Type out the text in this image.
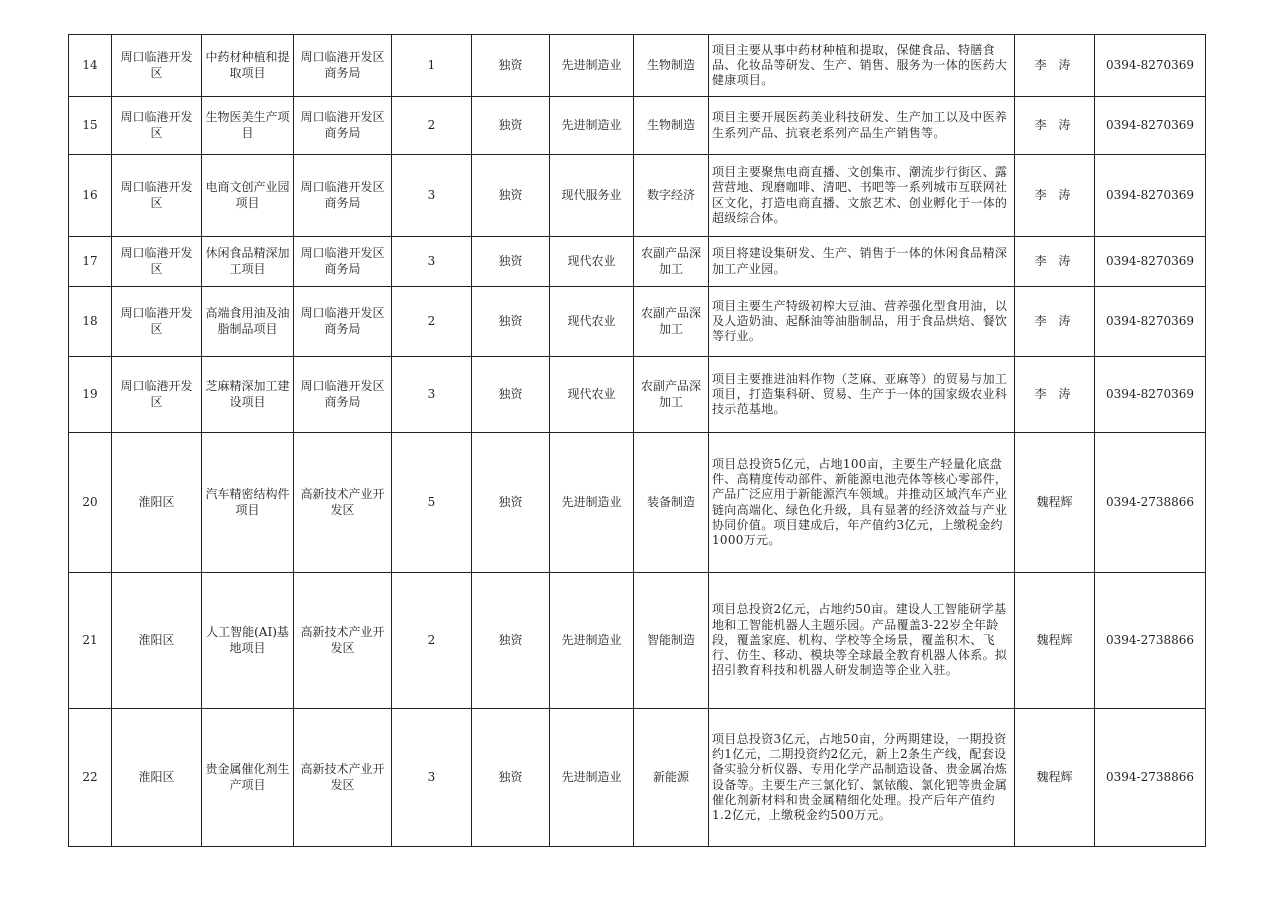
14	周口临港开发区	中药材种植和提取项目	周口临港开发区商务局	1	独资	先进制造业	生物制造	项目主要从事中药材种植和提取，保健食品、特膳食品、化妆品等研发、生产、销售、服务为一体的医药大健康项目。	李 涛	0394-8270369
15	周口临港开发区	生物医美生产项目	周口临港开发区商务局	2	独资	先进制造业	生物制造	项目主要开展医药美业科技研发、生产加工以及中医养生系列产品、抗衰老系列产品生产销售等。	李 涛	0394-8270369
16	周口临港开发区	电商文创产业园项目	周口临港开发区商务局	3	独资	现代服务业	数字经济	项目主要聚焦电商直播、文创集市、潮流步行街区、露营营地、现磨咖啡、清吧、书吧等一系列城市互联网社区文化，打造电商直播、文旅艺术、创业孵化于一体的超级综合体。	李 涛	0394-8270369
17	周口临港开发区	休闲食品精深加工项目	周口临港开发区商务局	3	独资	现代农业	农副产品深加工	项目将建设集研发、生产、销售于一体的休闲食品精深加工产业园。	李 涛	0394-8270369
18	周口临港开发区	高端食用油及油脂制品项目	周口临港开发区商务局	2	独资	现代农业	农副产品深加工	项目主要生产特级初榨大豆油、营养强化型食用油，以及人造奶油、起酥油等油脂制品，用于食品烘焙、餐饮等行业。	李 涛	0394-8270369
19	周口临港开发区	芝麻精深加工建设项目	周口临港开发区商务局	3	独资	现代农业	农副产品深加工	项目主要推进油料作物（芝麻、亚麻等）的贸易与加工项目，打造集科研、贸易、生产于一体的国家级农业科技示范基地。	李 涛	0394-8270369
20	淮阳区	汽车精密结构件项目	高新技术产业开发区	5	独资	先进制造业	装备制造	项目总投资5亿元，占地100亩，主要生产轻量化底盘件、高精度传动部件、新能源电池壳体等核心零部件，产品广泛应用于新能源汽车领域。并推动区域汽车产业链向高端化、绿色化升级，具有显著的经济效益与产业协同价值。项目建成后，年产值约3亿元，上缴税金约1000万元。	魏程辉	0394-2738866
21	淮阳区	人工智能(AI)基地项目	高新技术产业开发区	2	独资	先进制造业	智能制造	项目总投资2亿元，占地约50亩。建设人工智能研学基地和工智能机器人主题乐园。产品覆盖3-22岁全年龄段，覆盖家庭、机构、学校等全场景，覆盖积木、飞行、仿生、移动、模块等全球最全教育机器人体系。拟招引教育科技和机器人研发制造等企业入驻。	魏程辉	0394-2738866
22	淮阳区	贵金属催化剂生产项目	高新技术产业开发区	3	独资	先进制造业	新能源	项目总投资3亿元，占地50亩，分两期建设，一期投资约1亿元，二期投资约2亿元，新上2条生产线，配套设备实验分析仪器、专用化学产品制造设备、贵金属冶炼设备等。主要生产三氯化钌、氯铱酸、氯化钯等贵金属催化剂新材料和贵金属精细化处理。投产后年产值约1.2亿元，上缴税金约500万元。	魏程辉	0394-2738866
